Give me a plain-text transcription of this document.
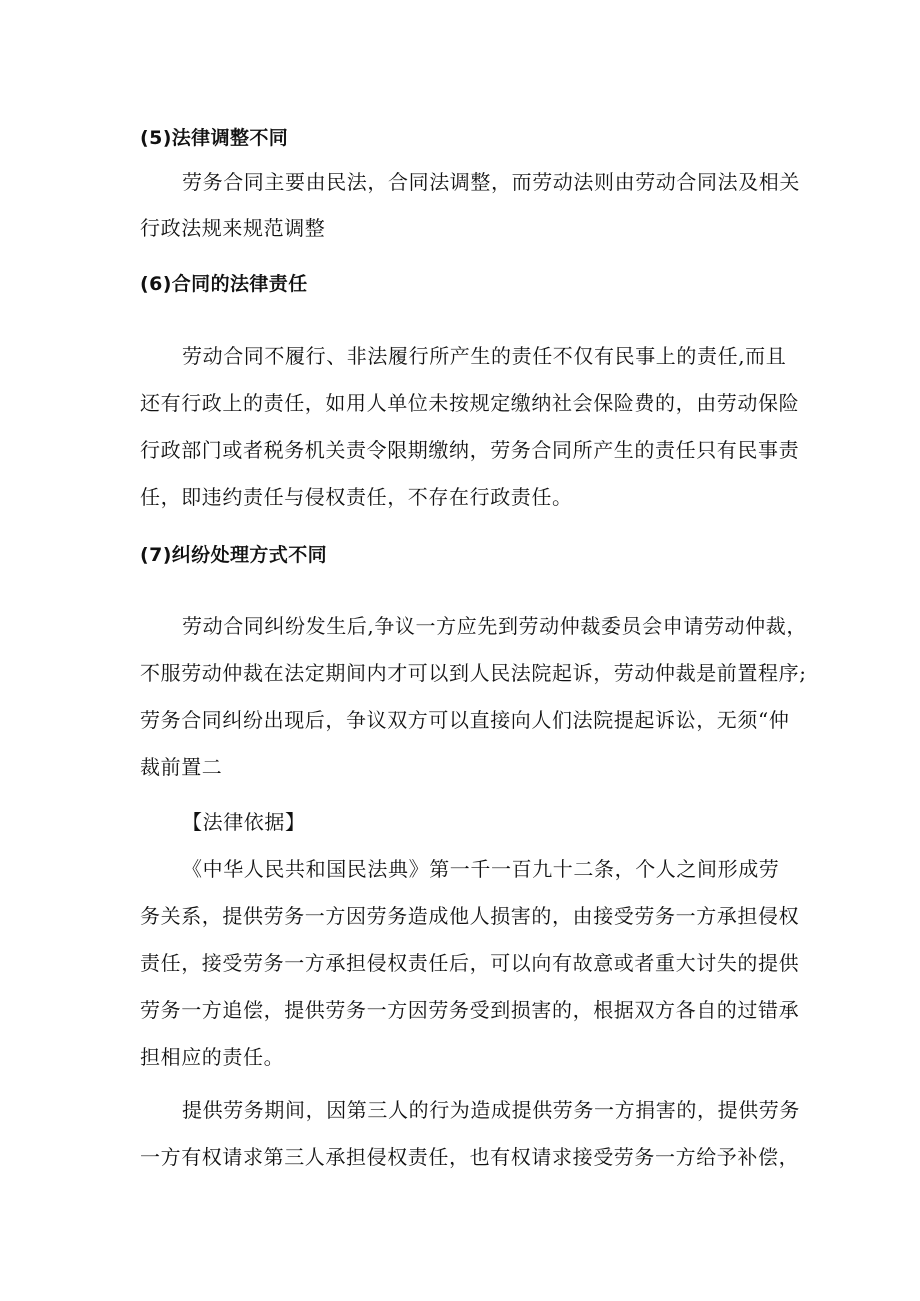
(5)法律调整不同
劳务合同主要由民法，合同法调整，而劳动法则由劳动合同法及相关
行政法规来规范调整
(6)合同的法律责任
劳动合同不履行、非法履行所产生的责任不仅有民事上的责任,而且
还有行政上的责任，如用人单位未按规定缴纳社会保险费的，由劳动保险
行政部门或者税务机关责令限期缴纳，劳务合同所产生的责任只有民事责
任，即违约责任与侵权责任，不存在行政责任。
(7)纠纷处理方式不同
劳动合同纠纷发生后,争议一方应先到劳动仲裁委员会申请劳动仲裁，
不服劳动仲裁在法定期间内才可以到人民法院起诉，劳动仲裁是前置程序;
劳务合同纠纷出现后，争议双方可以直接向人们法院提起诉讼，无须“仲
裁前置二
【法律依据】
《中华人民共和国民法典》第一千一百九十二条，个人之间形成劳
务关系，提供劳务一方因劳务造成他人损害的，由接受劳务一方承担侵权
责任，接受劳务一方承担侵权责任后，可以向有故意或者重大讨失的提供
劳务一方追偿，提供劳务一方因劳务受到损害的，根据双方各自的过错承
担相应的责任。
提供劳务期间，因第三人的行为造成提供劳务一方捐害的，提供劳务
一方有权请求第三人承担侵权责任，也有权请求接受劳务一方给予补偿，
